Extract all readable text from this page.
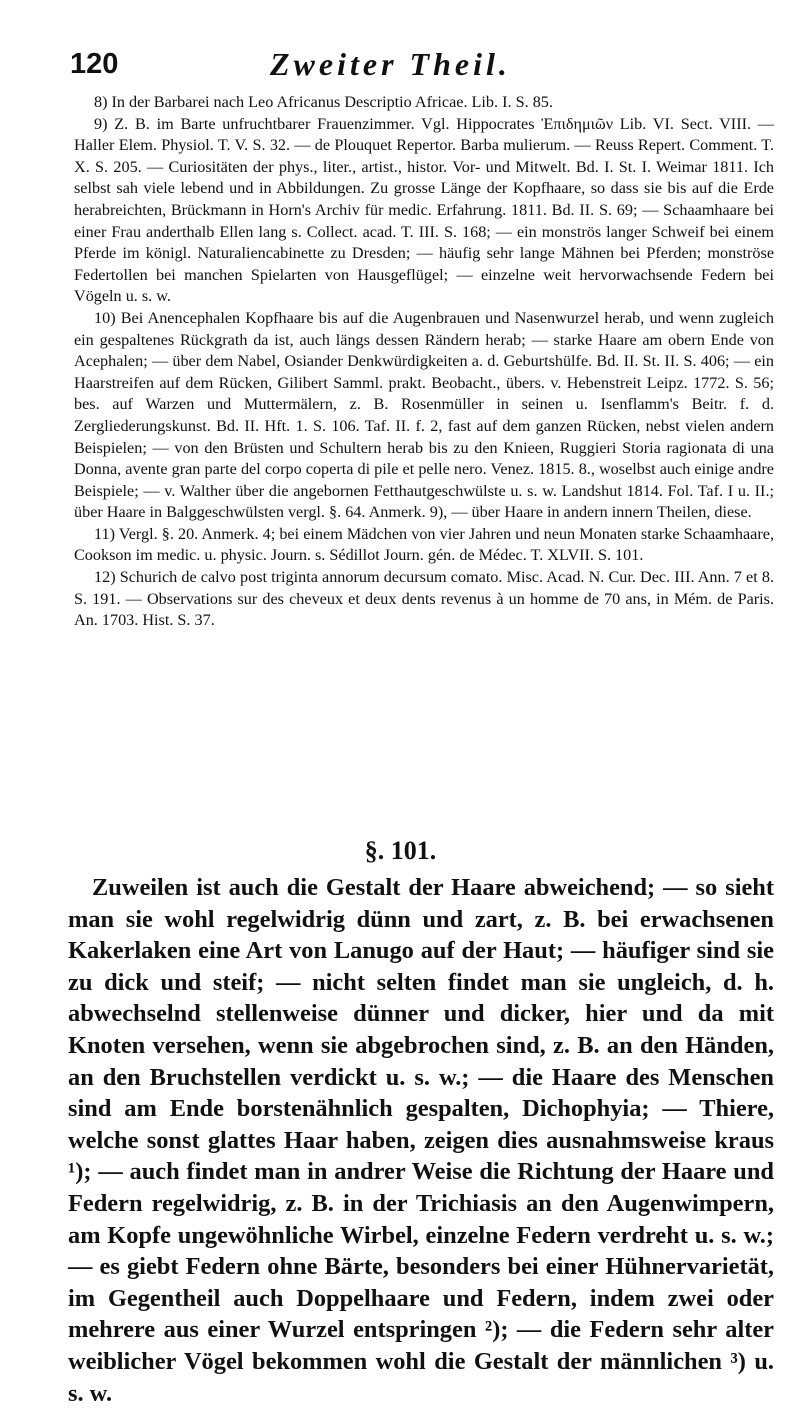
120	Zweiter Theil.

8) In der Barbarei nach Leo Africanus Descriptio Africae. Lib. I. S. 85.

9) Z. B. im Barte unfruchtbarer Frauenzimmer. Vgl. Hippocrates Ἐπιδημιῶν Lib. VI. Sect. VIII. — Haller Elem. Physiol. T. V. S. 32. — de Plouquet Repertor. Barba mulierum. — Reuss Repert. Comment. T. X. S. 205. — Curiositäten der phys., liter., artist., histor. Vor- und Mitwelt. Bd. I. St. I. Weimar 1811. Ich selbst sah viele lebend und in Abbildungen. Zu grosse Länge der Kopfhaare, so dass sie bis auf die Erde herabreichten, Brückmann in Horn's Archiv für medic. Erfahrung. 1811. Bd. II. S. 69; — Schaamhaare bei einer Frau anderthalb Ellen lang s. Collect. acad. T. III. S. 168; — ein monströs langer Schweif bei einem Pferde im königl. Naturaliencabinette zu Dresden; — häufig sehr lange Mähnen bei Pferden; monströse Federtollen bei manchen Spielarten von Hausgeflügel; — einzelne weit hervorwachsende Federn bei Vögeln u. s. w.

10) Bei Anencephalen Kopfhaare bis auf die Augenbrauen und Nasenwurzel herab, und wenn zugleich ein gespaltenes Rückgrath da ist, auch längs dessen Rändern herab; — starke Haare am obern Ende von Acephalen; — über dem Nabel, Osiander Denkwürdigkeiten a. d. Geburtshülfe. Bd. II. St. II. S. 406; — ein Haarstreifen auf dem Rücken, Gilibert Samml. prakt. Beobacht., übers. v. Hebenstreit Leipz. 1772. S. 56; bes. auf Warzen und Muttermälern, z. B. Rosenmüller in seinen u. Isenflamm's Beitr. f. d. Zergliederungskunst. Bd. II. Hft. 1. S. 106. Taf. II. f. 2, fast auf dem ganzen Rücken, nebst vielen andern Beispielen; — von den Brüsten und Schultern herab bis zu den Knieen, Ruggieri Storia ragionata di una Donna, avente gran parte del corpo coperta di pile et pelle nero. Venez. 1815. 8., woselbst auch einige andre Beispiele; — v. Walther über die angebornen Fetthautgeschwülste u. s. w. Landshut 1814. Fol. Taf. I u. II.; über Haare in Balggeschwülsten vergl. §. 64. Anmerk. 9), — über Haare in andern innern Theilen, diese.

11) Vergl. §. 20. Anmerk. 4; bei einem Mädchen von vier Jahren und neun Monaten starke Schaamhaare, Cookson im medic. u. physic. Journ. s. Sédillot Journ. gén. de Médec. T. XLVII. S. 101.

12) Schurich de calvo post triginta annorum decursum comato. Misc. Acad. N. Cur. Dec. III. Ann. 7 et 8. S. 191. — Observations sur des cheveux et deux dents revenus à un homme de 70 ans, in Mém. de Paris. An. 1703. Hist. S. 37.

§. 101.

Zuweilen ist auch die Gestalt der Haare abweichend; — so sieht man sie wohl regelwidrig dünn und zart, z. B. bei erwachsenen Kakerlaken eine Art von Lanugo auf der Haut; — häufiger sind sie zu dick und steif; — nicht selten findet man sie ungleich, d. h. abwechselnd stellenweise dünner und dicker, hier und da mit Knoten versehen, wenn sie abgebrochen sind, z. B. an den Händen, an den Bruchstellen verdickt u. s. w.; — die Haare des Menschen sind am Ende borstenähnlich gespalten, Dichophyia; — Thiere, welche sonst glattes Haar haben, zeigen dies ausnahmsweise kraus ¹); — auch findet man in andrer Weise die Richtung der Haare und Federn regelwidrig, z. B. in der Trichiasis an den Augenwimpern, am Kopfe ungewöhnliche Wirbel, einzelne Federn verdreht u. s. w.; — es giebt Federn ohne Bärte, besonders bei einer Hühnervarietät, im Gegentheil auch Doppelhaare und Federn, indem zwei oder mehrere aus einer Wurzel entspringen ²); — die Federn sehr alter weiblicher Vögel bekommen wohl die Gestalt der männlichen ³) u. s. w.
